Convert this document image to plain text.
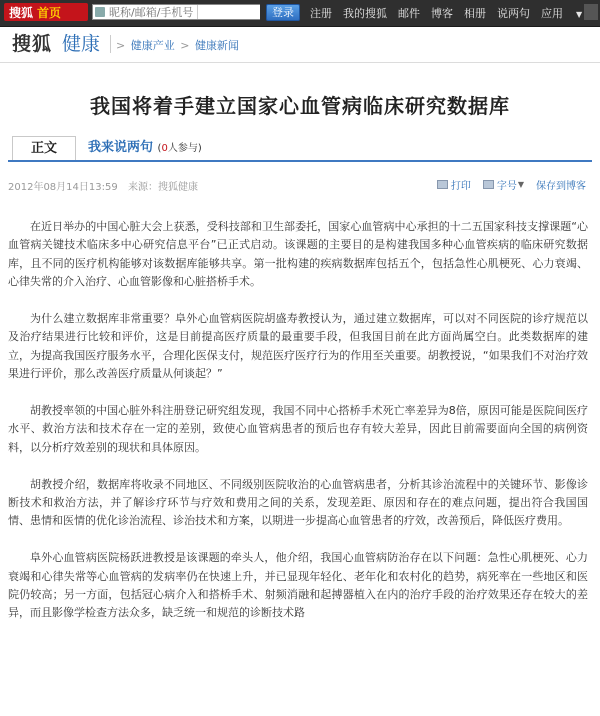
搜狐 首页
昵称/邮箱/手机号	登录	注册 我的搜狐 邮件 博客 相册 说两句 应用 ▼
搜狐 健康 > 健康产业 > 健康新闻
我国将着手建立国家心血管病临床研究数据库
正文	我来说两句 (0人参与)
2012年08月14日13:59 来源：搜狐健康	打印	字号 ▼ 保存到博客

在近日举办的中国心脏大会上获悉，受科技部和卫生部委托，国家心血管病中心承担的十二五国家科技支撑课题“心血管病关键技术临床多中心研究信息平台”已正式启动。该课题的主要目的是构建我国多种心血管疾病的临床研究数据库，且不同的医疗机构能够对该数据库能够共享。第一批构建的疾病数据库包括五个，包括急性心肌梗死、心力衰竭、心律失常的介入治疗、心血管影像和心脏搭桥手术。

为什么建立数据库非常重要？阜外心血管病医院胡盛寿教授认为，通过建立数据库，可以对不同医院的诊疗规范以及治疗结果进行比较和评价，这是目前提高医疗质量的最重要手段，但我国目前在此方面尚属空白。此类数据库的建立，为提高我国医疗服务水平，合理化医保支付，规范医疗医疗行为的作用至关重要。胡教授说，“如果我们不对治疗效果进行评价，那么改善医疗质量从何谈起？”

胡教授率领的中国心脏外科注册登记研究组发现，我国不同中心搭桥手术死亡率差异为8倍，原因可能是医院间医疗水平、救治方法和技术存在一定的差别，致使心血管病患者的预后也存有较大差异，因此目前需要面向全国的病例资料，以分析疗效差别的现状和具体原因。

胡教授介绍，数据库将收录不同地区、不同级别医院收治的心血管病患者，分析其诊治流程中的关键环节、影像诊断技术和救治方法，并了解诊疗环节与疗效和费用之间的关系，发现差距、原因和存在的难点问题，提出符合我国国情、患情和医情的优化诊治流程、诊治技术和方案，以期进一步提高心血管患者的疗效，改善预后，降低医疗费用。

阜外心血管病医院杨跃进教授是该课题的牵头人，他介绍，我国心血管病防治存在以下问题：急性心肌梗死、心力衰竭和心律失常等心血管病的发病率仍在快速上升，并已显现年轻化、老年化和农村化的趋势，病死率在一些地区和医院仍较高；另一方面，包括冠心病介入和搭桥手术、射频消融和起搏器植入在内的治疗手段的治疗效果还存在较大的差异，而且影像学检查方法众多，缺乏统一和规范的诊断技术路
